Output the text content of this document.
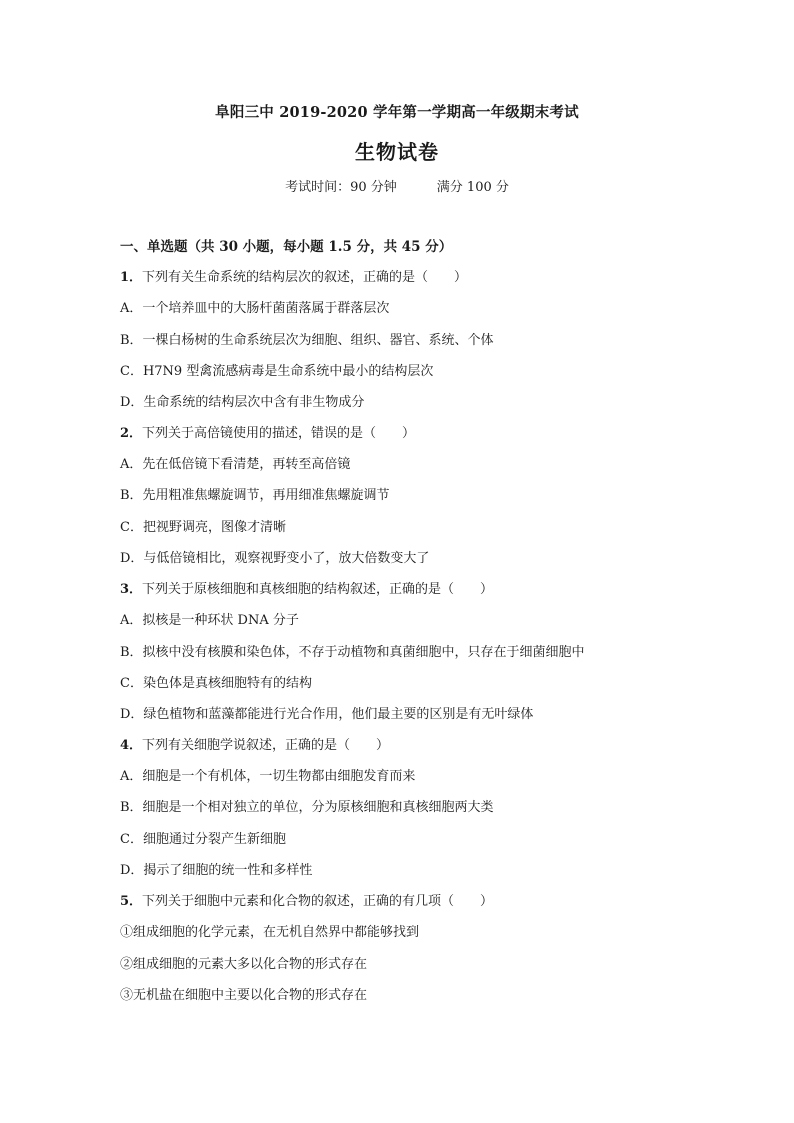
阜阳三中 2019-2020 学年第一学期高一年级期末考试
生物试卷
考试时间：90 分钟	满分 100 分
一、单选题（共 30 小题，每小题 1.5 分，共 45 分）
1．下列有关生命系统的结构层次的叙述，正确的是（　　）
A．一个培养皿中的大肠杆菌菌落属于群落层次
B．一棵白杨树的生命系统层次为细胞、组织、器官、系统、个体
C．H7N9 型禽流感病毒是生命系统中最小的结构层次
D．生命系统的结构层次中含有非生物成分
2．下列关于高倍镜使用的描述，错误的是（　　）
A．先在低倍镜下看清楚，再转至高倍镜
B．先用粗准焦螺旋调节，再用细准焦螺旋调节
C．把视野调亮，图像才清晰
D．与低倍镜相比，观察视野变小了，放大倍数变大了
3．下列关于原核细胞和真核细胞的结构叙述，正确的是（　　）
A．拟核是一种环状 DNA 分子
B．拟核中没有核膜和染色体，不存于动植物和真菌细胞中，只存在于细菌细胞中
C．染色体是真核细胞特有的结构
D．绿色植物和蓝藻都能进行光合作用，他们最主要的区别是有无叶绿体
4．下列有关细胞学说叙述，正确的是（　　）
A．细胞是一个有机体，一切生物都由细胞发育而来
B．细胞是一个相对独立的单位，分为原核细胞和真核细胞两大类
C．细胞通过分裂产生新细胞
D．揭示了细胞的统一性和多样性
5．下列关于细胞中元素和化合物的叙述，正确的有几项（　　）
①组成细胞的化学元素，在无机自然界中都能够找到
②组成细胞的元素大多以化合物的形式存在
③无机盐在细胞中主要以化合物的形式存在
